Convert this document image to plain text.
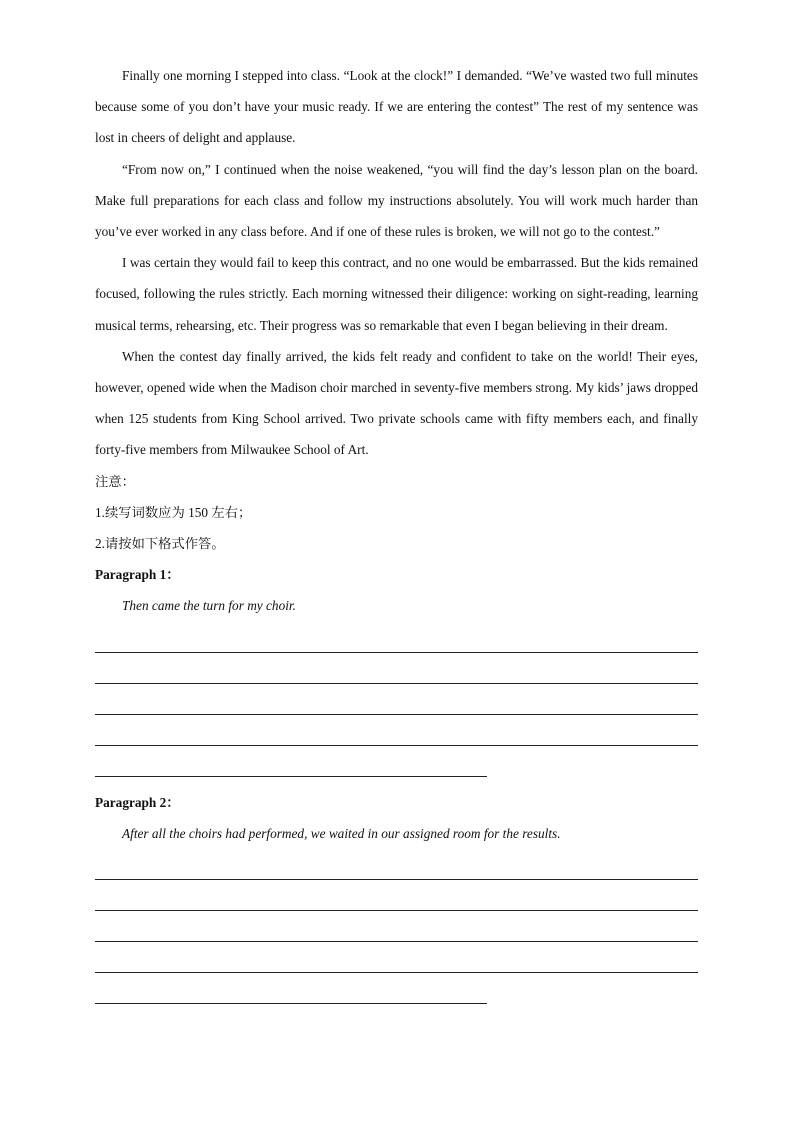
Finally one morning I stepped into class. “Look at the clock!” I demanded. “We’ve wasted two full minutes because some of you don’t have your music ready. If we are entering the contest” The rest of my sentence was lost in cheers of delight and applause.

“From now on,” I continued when the noise weakened, “you will find the day’s lesson plan on the board. Make full preparations for each class and follow my instructions absolutely. You will work much harder than you’ve ever worked in any class before. And if one of these rules is broken, we will not go to the contest.”

I was certain they would fail to keep this contract, and no one would be embarrassed. But the kids remained focused, following the rules strictly. Each morning witnessed their diligence: working on sight-reading, learning musical terms, rehearsing, etc. Their progress was so remarkable that even I began believing in their dream.

When the contest day finally arrived, the kids felt ready and confident to take on the world! Their eyes, however, opened wide when the Madison choir marched in seventy-five members strong. My kids’ jaws dropped when 125 students from King School arrived. Two private schools came with fifty members each, and finally forty-five members from Milwaukee School of Art.

注意：

1.续写词数应为 150 左右；

2.请按如下格式作答。

Paragraph 1：

Then came the turn for my choir.

Paragraph 2：

After all the choirs had performed, we waited in our assigned room for the results.
